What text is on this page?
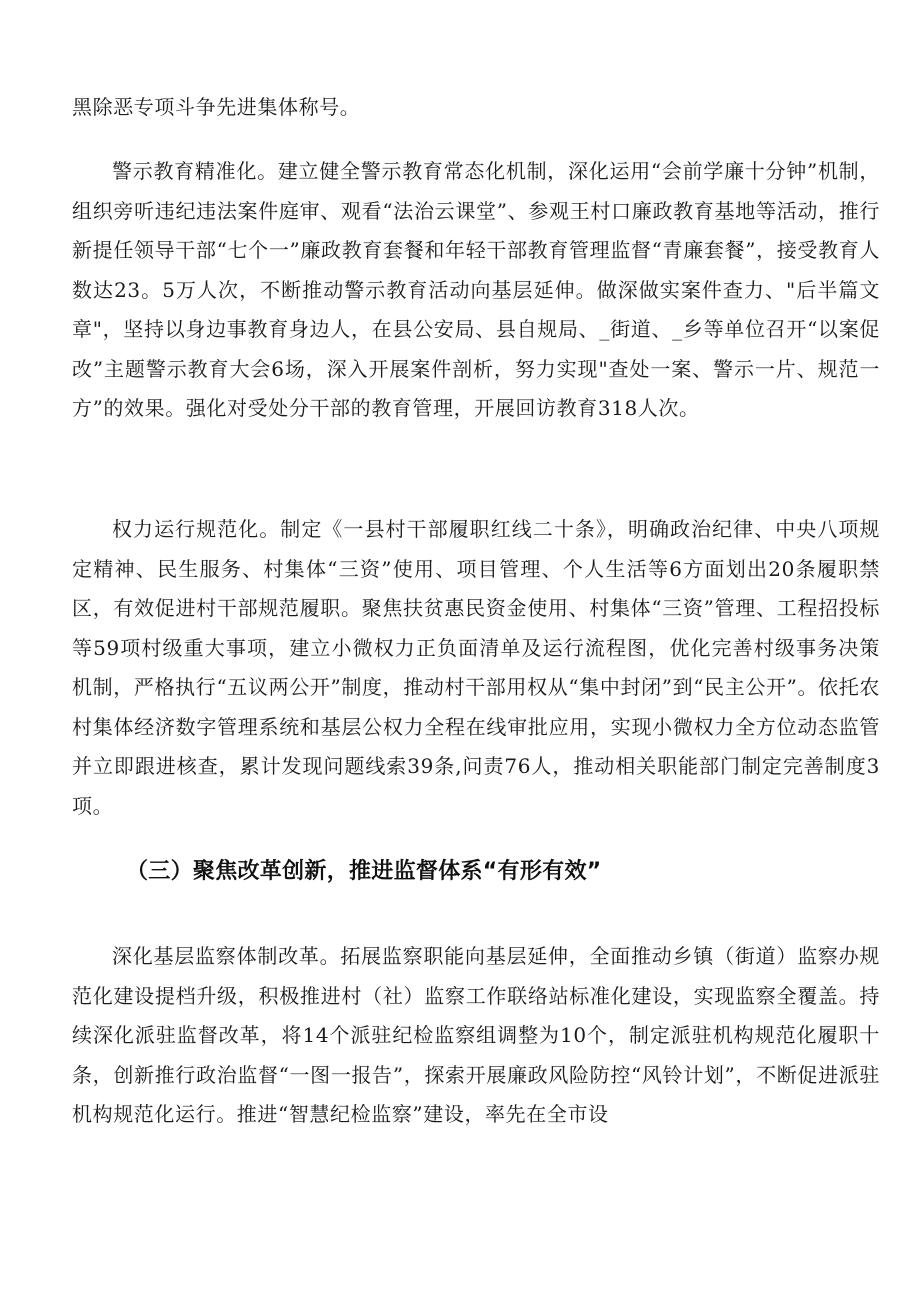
黑除恶专项斗争先进集体称号。

警示教育精准化。建立健全警示教育常态化机制，深化运用“会前学廉十分钟”机制，组织旁听违纪违法案件庭审、观看“法治云课堂”、参观王村口廉政教育基地等活动，推行新提任领导干部“七个一”廉政教育套餐和年轻干部教育管理监督“青廉套餐”，接受教育人数达23。5万人次，不断推动警示教育活动向基层延伸。做深做实案件查力、"后半篇文章"，坚持以身边事教育身边人，在县公安局、县自规局、_街道、_乡等单位召开“以案促改”主题警示教育大会6场，深入开展案件剖析，努力实现"查处一案、警示一片、规范一方”的效果。强化对受处分干部的教育管理，开展回访教育318人次。

权力运行规范化。制定《一县村干部履职红线二十条》，明确政治纪律、中央八项规定精神、民生服务、村集体“三资”使用、项目管理、个人生活等6方面划出20条履职禁区，有效促进村干部规范履职。聚焦扶贫惠民资金使用、村集体“三资”管理、工程招投标等59项村级重大事项，建立小微权力正负面清单及运行流程图，优化完善村级事务决策机制，严格执行“五议两公开”制度，推动村干部用权从“集中封闭”到“民主公开”。依托农村集体经济数字管理系统和基层公权力全程在线审批应用，实现小微权力全方位动态监管并立即跟进核查，累计发现问题线索39条,问责76人，推动相关职能部门制定完善制度3项。

（三）聚焦改革创新，推进监督体系“有形有效”

深化基层监察体制改革。拓展监察职能向基层延伸，全面推动乡镇（街道）监察办规范化建设提档升级，积极推进村（社）监察工作联络站标准化建设，实现监察全覆盖。持续深化派驻监督改革，将14个派驻纪检监察组调整为10个，制定派驻机构规范化履职十条，创新推行政治监督“一图一报告”，探索开展廉政风险防控“风铃计划”，不断促进派驻机构规范化运行。推进“智慧纪检监察”建设，率先在全市设
